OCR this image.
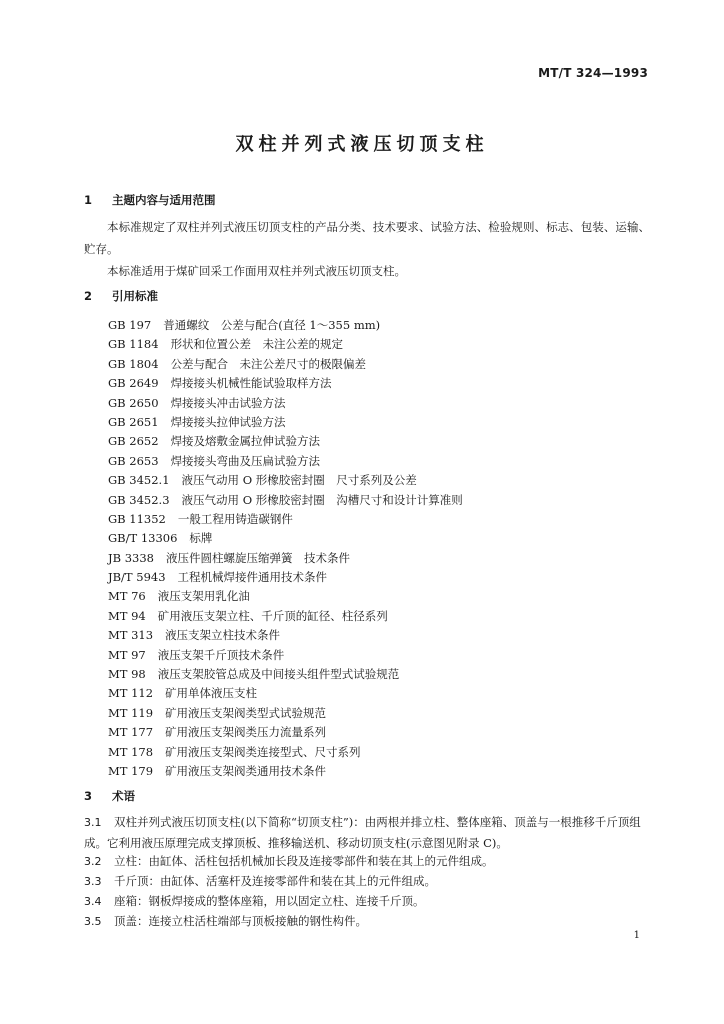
MT/T 324—1993
双柱并列式液压切顶支柱
1 主题内容与适用范围
本标准规定了双柱并列式液压切顶支柱的产品分类、技术要求、试验方法、检验规则、标志、包装、运输、贮存。
本标准适用于煤矿回采工作面用双柱并列式液压切顶支柱。
2 引用标准
GB 197 普通螺纹　公差与配合(直径 1～355 mm)
GB 1184 形状和位置公差　未注公差的规定
GB 1804 公差与配合　未注公差尺寸的极限偏差
GB 2649 焊接接头机械性能试验取样方法
GB 2650 焊接接头冲击试验方法
GB 2651 焊接接头拉伸试验方法
GB 2652 焊接及熔敷金属拉伸试验方法
GB 2653 焊接接头弯曲及压扁试验方法
GB 3452.1 液压气动用 O 形橡胶密封圈　尺寸系列及公差
GB 3452.3 液压气动用 O 形橡胶密封圈　沟槽尺寸和设计计算准则
GB 11352 一般工程用铸造碳钢件
GB/T 13306 标牌
JB 3338 液压件圆柱螺旋压缩弹簧　技术条件
JB/T 5943 工程机械焊接件通用技术条件
MT 76 液压支架用乳化油
MT 94 矿用液压支架立柱、千斤顶的缸径、柱径系列
MT 313 液压支架立柱技术条件
MT 97 液压支架千斤顶技术条件
MT 98 液压支架胶管总成及中间接头组件型式试验规范
MT 112 矿用单体液压支柱
MT 119 矿用液压支架阀类型式试验规范
MT 177 矿用液压支架阀类压力流量系列
MT 178 矿用液压支架阀类连接型式、尺寸系列
MT 179 矿用液压支架阀类通用技术条件
3 术语
3.1 双柱并列式液压切顶支柱(以下简称“切顶支柱”)：由两根并排立柱、整体座箱、顶盖与一根推移千斤顶组成。它利用液压原理完成支撑顶板、推移输送机、移动切顶支柱(示意图见附录 C)。
3.2 立柱：由缸体、活柱包括机械加长段及连接零部件和装在其上的元件组成。
3.3 千斤顶：由缸体、活塞杆及连接零部件和装在其上的元件组成。
3.4 座箱：钢板焊接成的整体座箱，用以固定立柱、连接千斤顶。
3.5 顶盖：连接立柱活柱端部与顶板接触的钢性构件。
1
